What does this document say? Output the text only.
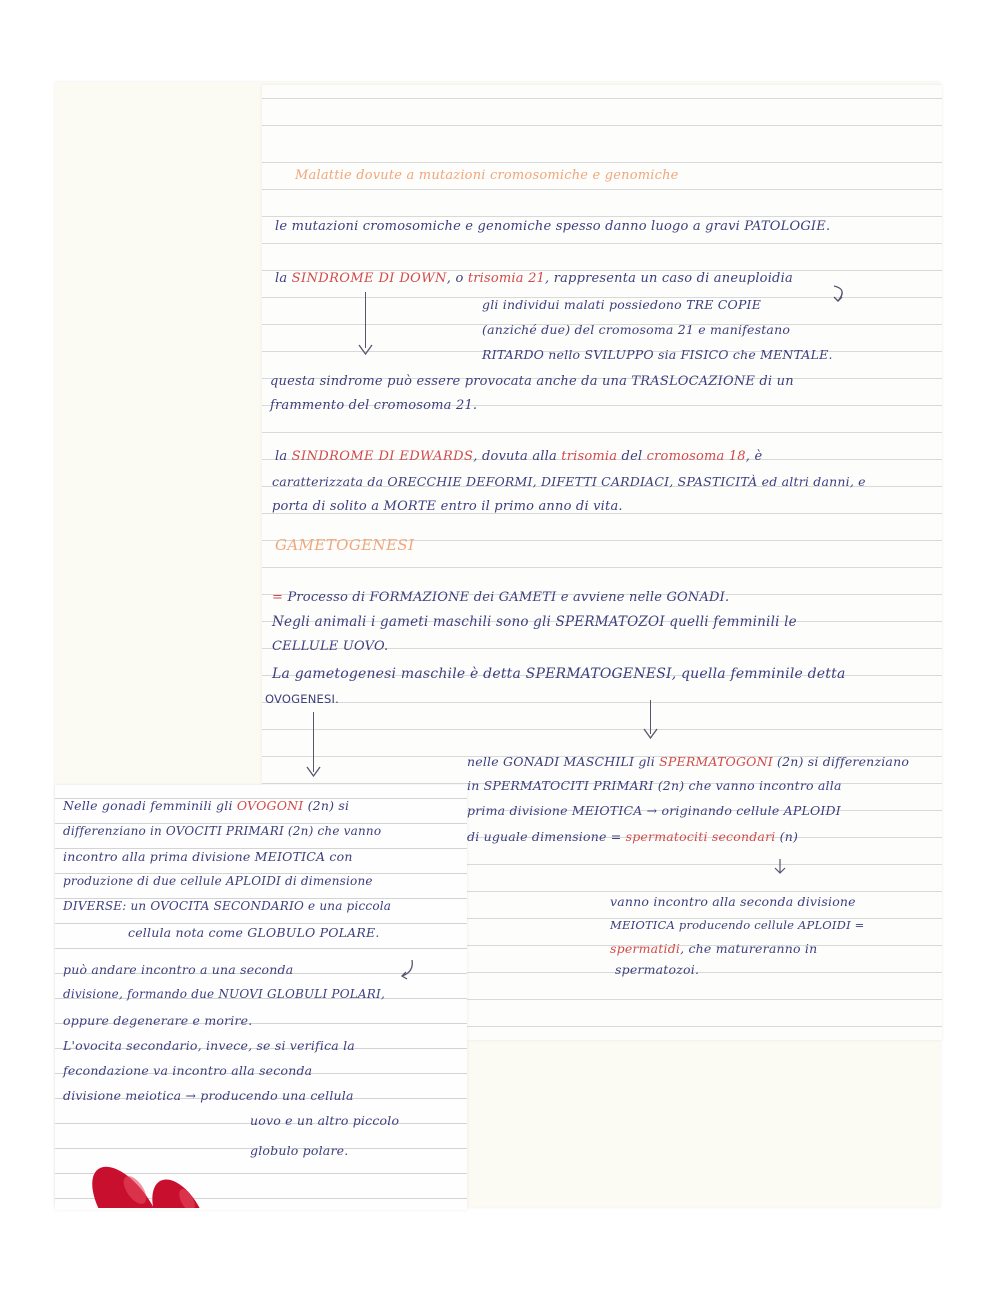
Malattie dovute a mutazioni cromosomiche e genomiche

le mutazioni cromosomiche e genomiche spesso danno luogo a gravi PATOLOGIE.

la SINDROME DI DOWN, o trisomia 21, rappresenta un caso di aneuploidia

gli individui malati possiedono TRE COPIE

(anziché due) del cromosoma 21 e manifestano

RITARDO nello SVILUPPO sia FISICO che MENTALE.

questa sindrome può essere provocata anche da una TRASLOCAZIONE di un

frammento del cromosoma 21.

la SINDROME DI EDWARDS, dovuta alla trisomia del cromosoma 18, è

caratterizzata da ORECCHIE DEFORMI, DIFETTI CARDIACI, SPASTICITÀ ed altri danni, e

porta di solito a MORTE entro il primo anno di vita.

GAMETOGENESI

= Processo di FORMAZIONE dei GAMETI e avviene nelle GONADI.

Negli animali i gameti maschili sono gli SPERMATOZOI quelli femminili le

CELLULE UOVO.

La gametogenesi maschile è detta SPERMATOGENESI, quella femminile detta

OVOGENESI.

nelle GONADI MASCHILI gli SPERMATOGONI (2n) si differenziano

in SPERMATOCITI PRIMARI (2n) che vanno incontro alla

prima divisione MEIOTICA → originando cellule APLOIDI

di uguale dimensione = spermatociti secondari (n)

vanno incontro alla seconda divisione

MEIOTICA producendo cellule APLOIDI =

spermatidi, che matureranno in

spermatozoi.

Nelle gonadi femminili gli OVOGONI (2n) si

differenziano in OVOCITI PRIMARI (2n) che vanno

incontro alla prima divisione MEIOTICA con

produzione di due cellule APLOIDI di dimensione

DIVERSE: un OVOCITA SECONDARIO e una piccola

cellula nota come GLOBULO POLARE.

può andare incontro a una seconda

divisione, formando due NUOVI GLOBULI POLARI,

oppure degenerare e morire.

L'ovocita secondario, invece, se si verifica la

fecondazione va incontro alla seconda

divisione meiotica → producendo una cellula

uovo e un altro piccolo

globulo polare.
